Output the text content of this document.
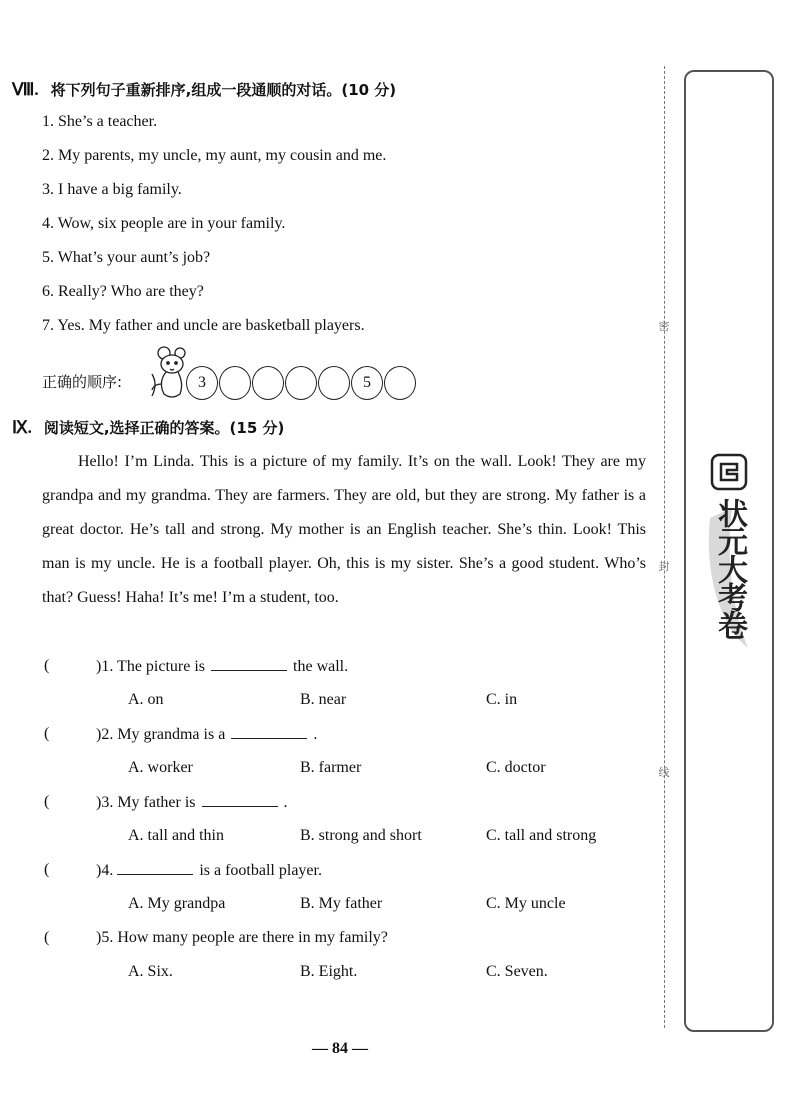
Ⅷ. 将下列句子重新排序,组成一段通顺的对话。(10 分)
1. She’s a teacher.
2. My parents, my uncle, my aunt, my cousin and me.
3. I have a big family.
4. Wow, six people are in your family.
5. What’s your aunt’s job?
6. Really? Who are they?
7. Yes. My father and uncle are basketball players.
正确的顺序:	3	5
Ⅸ. 阅读短文,选择正确的答案。(15 分)
Hello! I’m Linda. This is a picture of my family. It’s on the wall. Look! They are my grandpa and my grandma. They are farmers. They are old, but they are strong. My father is a great doctor. He’s tall and strong. My mother is an English teacher. She’s thin. Look! This man is my uncle. He is a football player. Oh, this is my sister. She’s a good student. Who’s that? Guess! Haha! It’s me! I’m a student, too.
(	)1. The picture is	the wall.
A. on	B. near	C. in
(	)2. My grandma is a	.
A. worker	B. farmer	C. doctor
(	)3. My father is	.
A. tall and thin	B. strong and short	C. tall and strong
(	)4.	is a football player.
A. My grandpa	B. My father	C. My uncle
(	)5. How many people are there in my family?
A. Six.	B. Eight.	C. Seven.
密
封
线
状元大考卷
— 84 —
